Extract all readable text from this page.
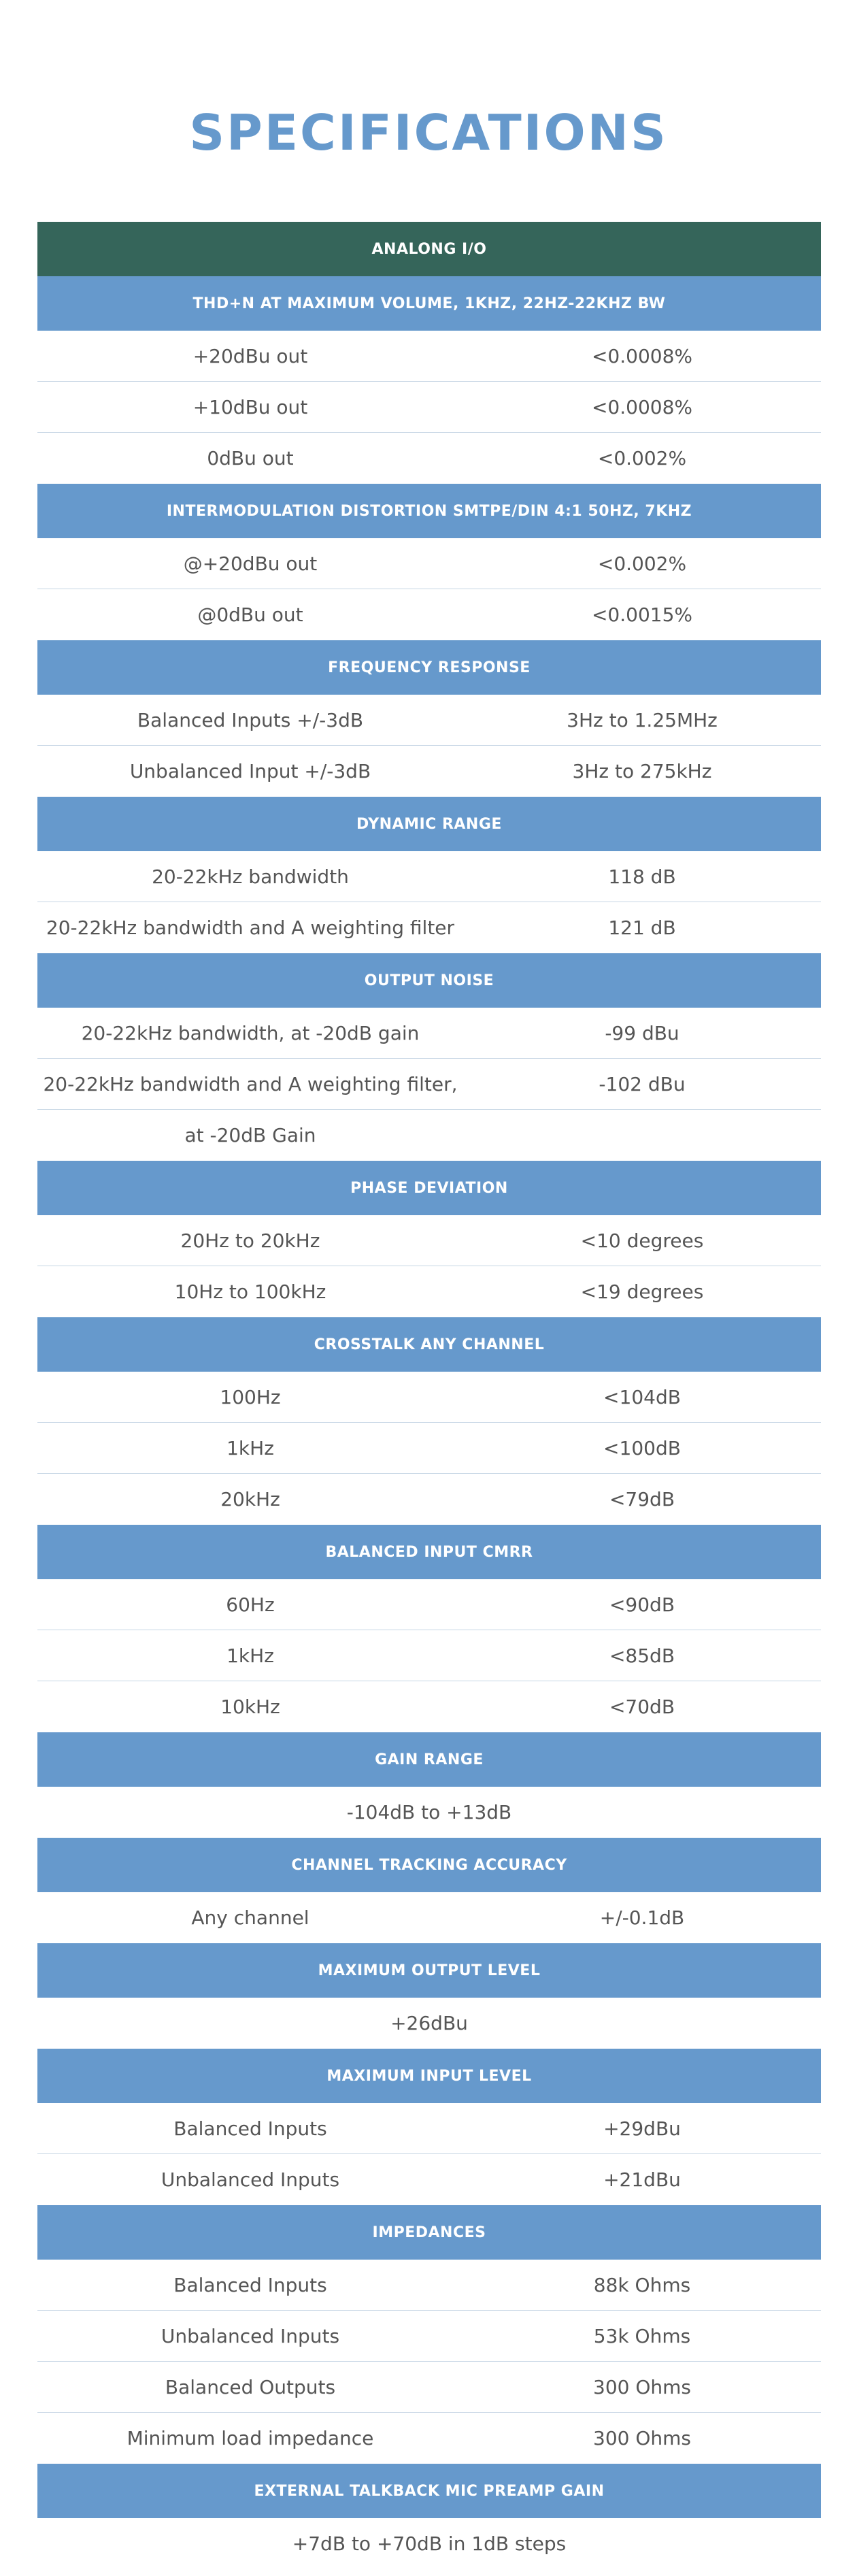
SPECIFICATIONS
ANALONG I/O
THD+N AT MAXIMUM VOLUME, 1KHZ, 22HZ-22KHZ BW
+20dBu out	<0.0008%
+10dBu out	<0.0008%
0dBu out	<0.002%
INTERMODULATION DISTORTION SMTPE/DIN 4:1 50HZ, 7KHZ
@+20dBu out	<0.002%
@0dBu out	<0.0015%
FREQUENCY RESPONSE
Balanced Inputs +/-3dB	3Hz to 1.25MHz
Unbalanced Input +/-3dB	3Hz to 275kHz
DYNAMIC RANGE
20-22kHz bandwidth	118 dB
20-22kHz bandwidth and A weighting filter	121 dB
OUTPUT NOISE
20-22kHz bandwidth, at -20dB gain	-99 dBu
20-22kHz bandwidth and A weighting filter,	-102 dBu
at -20dB Gain
PHASE DEVIATION
20Hz to 20kHz	<10 degrees
10Hz to 100kHz	<19 degrees
CROSSTALK ANY CHANNEL
100Hz	<104dB
1kHz	<100dB
20kHz	<79dB
BALANCED INPUT CMRR
60Hz	<90dB
1kHz	<85dB
10kHz	<70dB
GAIN RANGE
-104dB to +13dB
CHANNEL TRACKING ACCURACY
Any channel	+/-0.1dB
MAXIMUM OUTPUT LEVEL
+26dBu
MAXIMUM INPUT LEVEL
Balanced Inputs	+29dBu
Unbalanced Inputs	+21dBu
IMPEDANCES
Balanced Inputs	88k Ohms
Unbalanced Inputs	53k Ohms
Balanced Outputs	300 Ohms
Minimum load impedance	300 Ohms
EXTERNAL TALKBACK MIC PREAMP GAIN
+7dB to +70dB in 1dB steps
